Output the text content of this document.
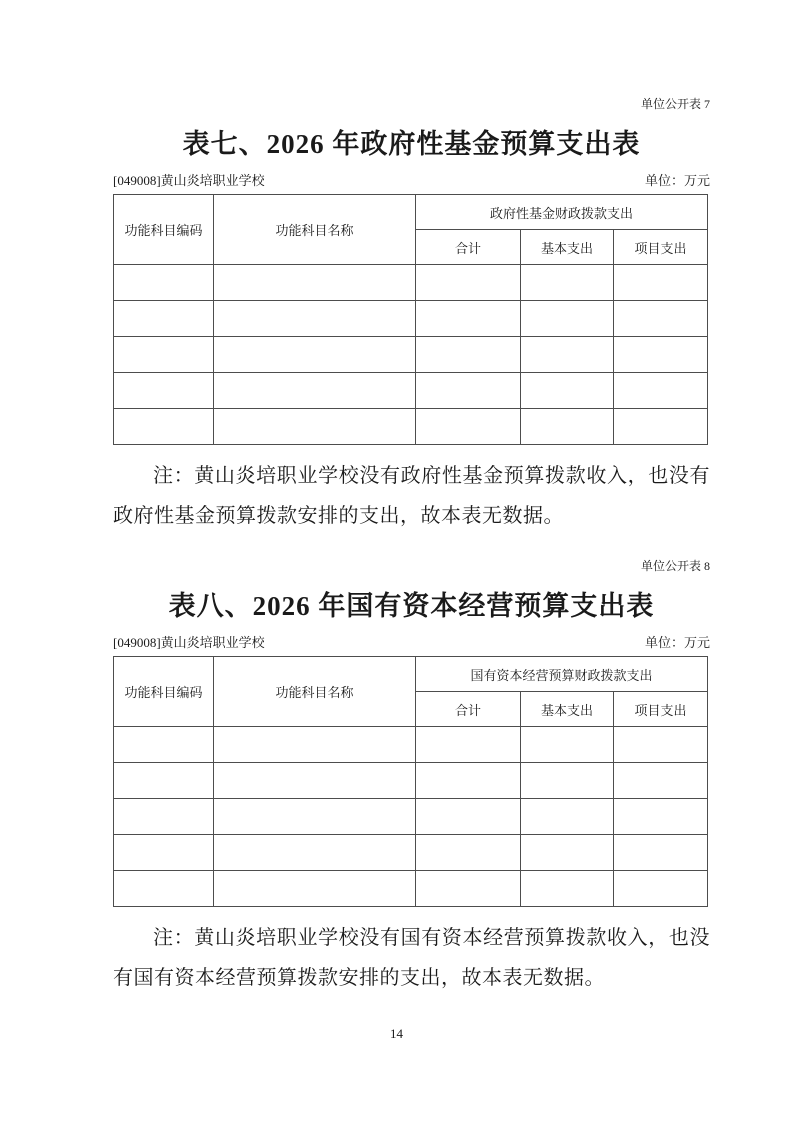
单位公开表 7
表七、2026 年政府性基金预算支出表
[049008]黄山炎培职业学校	单位：万元
功能科目编码	功能科目名称	政府性基金财政拨款支出		
		合计	基本支出	项目支出

注：黄山炎培职业学校没有政府性基金预算拨款收入，也没有政府性基金预算拨款安排的支出，故本表无数据。

单位公开表 8
表八、2026 年国有资本经营预算支出表
[049008]黄山炎培职业学校	单位：万元
功能科目编码	功能科目名称	国有资本经营预算财政拨款支出		
		合计	基本支出	项目支出

注：黄山炎培职业学校没有国有资本经营预算拨款收入，也没有国有资本经营预算拨款安排的支出，故本表无数据。

14
